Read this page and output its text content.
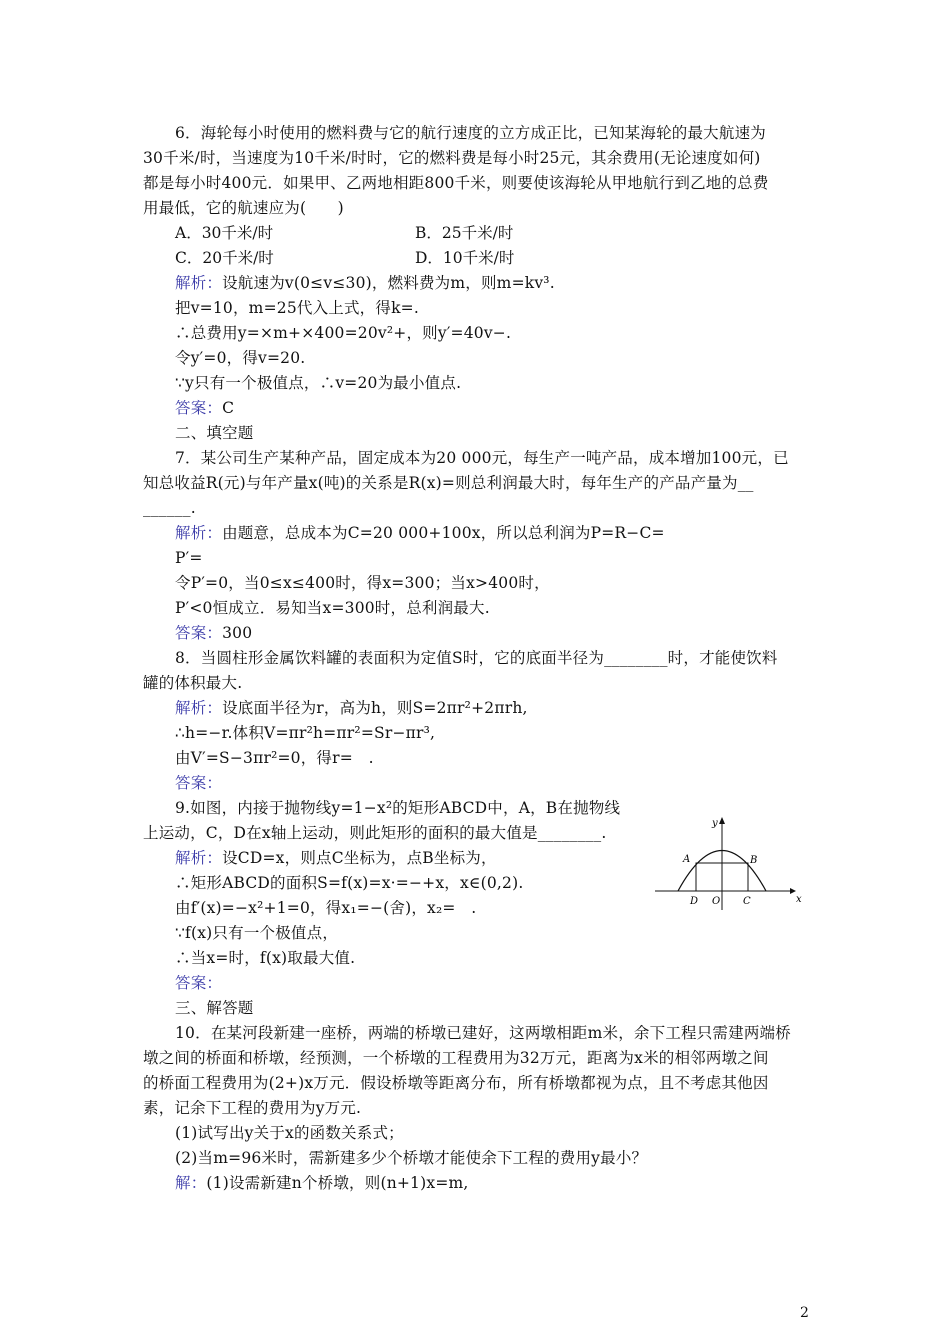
6．海轮每小时使用的燃料费与它的航行速度的立方成正比，已知某海轮的最大航速为
30千米/时，当速度为10千米/时时，它的燃料费是每小时25元，其余费用(无论速度如何)
都是每小时400元．如果甲、乙两地相距800千米，则要使该海轮从甲地航行到乙地的总费
用最低，它的航速应为(　　)
A．30千米/时	B．25千米/时
C．20千米/时	D．10千米/时
解析：设航速为v(0≤v≤30)，燃料费为m，则m=kv³.
把v=10，m=25代入上式，得k=.
∴总费用y=×m+×400=20v²+，则y′=40v−.
令y′=0，得v=20.
∵y只有一个极值点，∴v=20为最小值点.
答案：C
二、填空题
7．某公司生产某种产品，固定成本为20 000元，每生产一吨产品，成本增加100元，已
知总收益R(元)与年产量x(吨)的关系是R(x)=则总利润最大时，每年生产的产品产量为__
______.
解析：由题意，总成本为C=20 000+100x，所以总利润为P=R−C=
P′=
令P′=0，当0≤x≤400时，得x=300；当x>400时，
P′<0恒成立．易知当x=300时，总利润最大.
答案：300
8．当圆柱形金属饮料罐的表面积为定值S时，它的底面半径为________时，才能使饮料
罐的体积最大.
解析：设底面半径为r，高为h，则S=2πr²+2πrh,
∴h=−r.体积V=πr²h=πr²=Sr−πr³,
由V′=S−3πr²=0，得r=　.
答案：
9.如图，内接于抛物线y=1−x²的矩形ABCD中，A，B在抛物线
上运动，C，D在x轴上运动，则此矩形的面积的最大值是________.
解析：设CD=x，则点C坐标为，点B坐标为，
∴矩形ABCD的面积S=f(x)=x·=−+x，x∈(0,2).
由f′(x)=−x²+1=0，得x₁=−(舍)，x₂=　.
∵f(x)只有一个极值点，
∴当x=时，f(x)取最大值.
答案：
x
y
A	B
C
D O
三、解答题
10．在某河段新建一座桥，两端的桥墩已建好，这两墩相距m米，余下工程只需建两端桥
墩之间的桥面和桥墩，经预测，一个桥墩的工程费用为32万元，距离为x米的相邻两墩之间
的桥面工程费用为(2+)x万元．假设桥墩等距离分布，所有桥墩都视为点，且不考虑其他因
素，记余下工程的费用为y万元.
(1)试写出y关于x的函数关系式；
(2)当m=96米时，需新建多少个桥墩才能使余下工程的费用y最小？
解：(1)设需新建n个桥墩，则(n+1)x=m,
2
